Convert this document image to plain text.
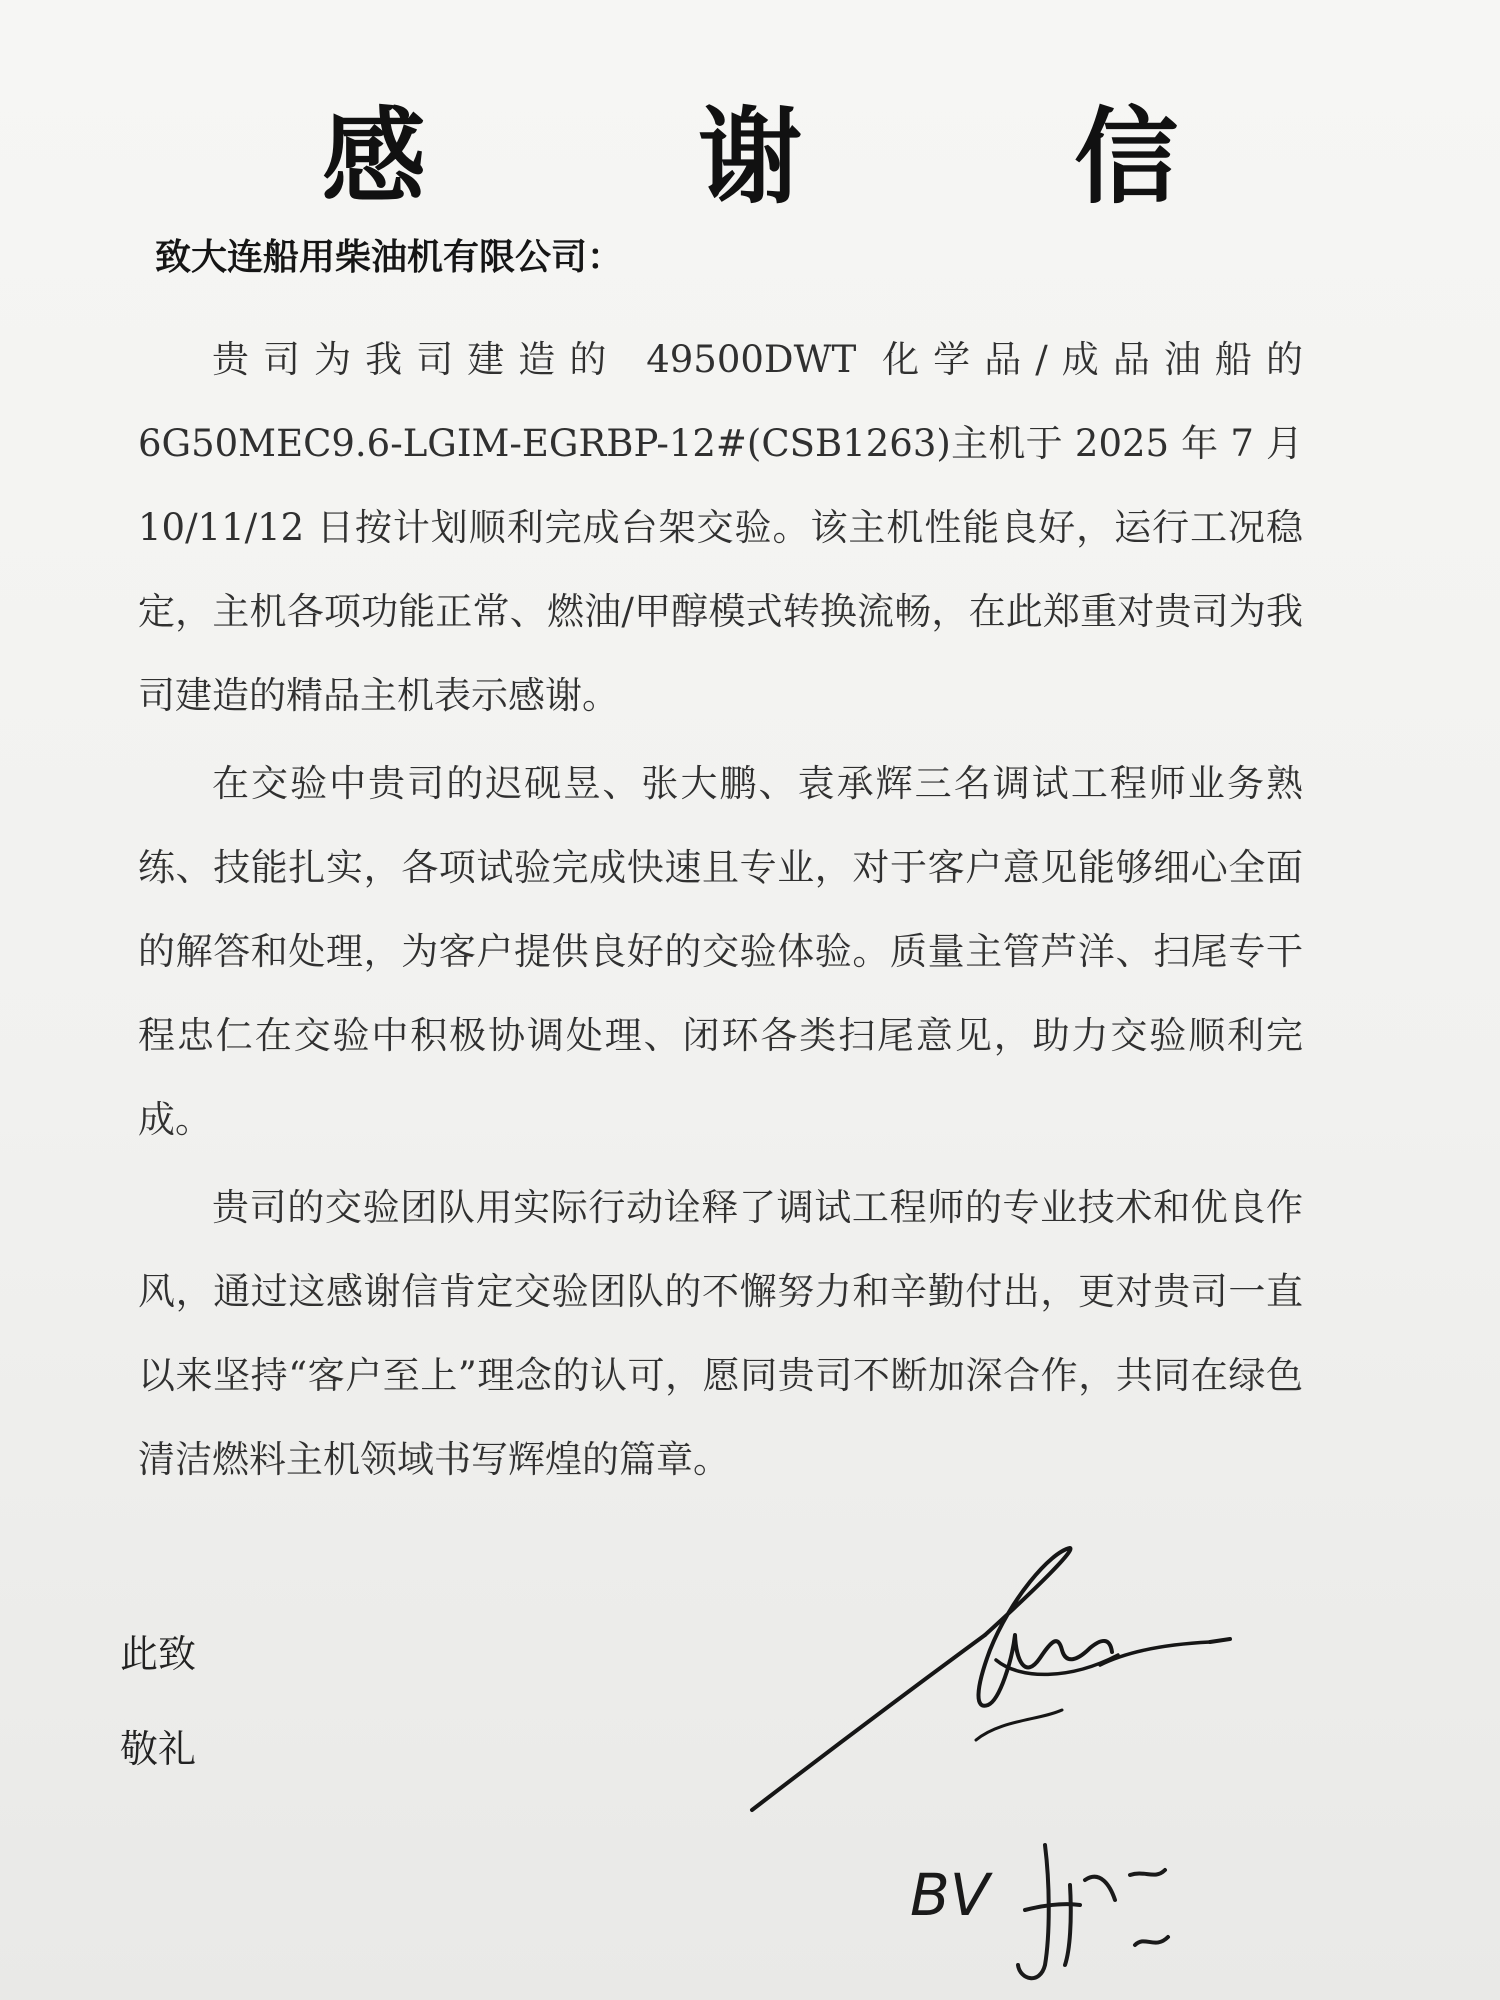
感 谢 信
致大连船用柴油机有限公司：

贵司为我司建造的 49500DWT 化学品/成品油船的 6G50MEC9.6-LGIM-EGRBP-12#(CSB1263)主机于 2025 年 7 月 10/11/12 日按计划顺利完成台架交验。该主机性能良好，运行工况稳定，主机各项功能正常、燃油/甲醇模式转换流畅，在此郑重对贵司为我司建造的精品主机表示感谢。

在交验中贵司的迟砚昱、张大鹏、袁承辉三名调试工程师业务熟练、技能扎实，各项试验完成快速且专业，对于客户意见能够细心全面的解答和处理，为客户提供良好的交验体验。质量主管芦洋、扫尾专干程忠仁在交验中积极协调处理、闭环各类扫尾意见，助力交验顺利完成。

贵司的交验团队用实际行动诠释了调试工程师的专业技术和优良作风，通过这感谢信肯定交验团队的不懈努力和辛勤付出，更对贵司一直以来坚持“客户至上”理念的认可，愿同贵司不断加深合作，共同在绿色清洁燃料主机领域书写辉煌的篇章。

此致
敬礼
BV
